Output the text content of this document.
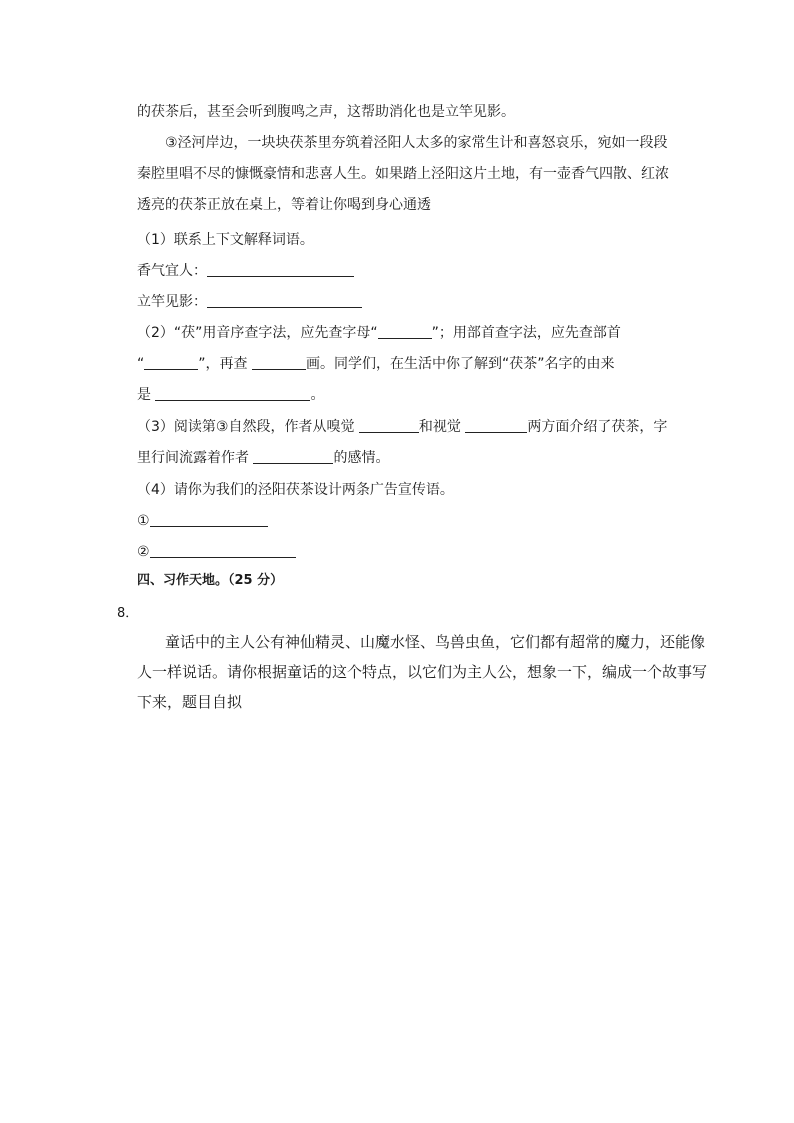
的茯茶后，甚至会听到腹鸣之声，这帮助消化也是立竿见影。
③泾河岸边，一块块茯茶里夯筑着泾阳人太多的家常生计和喜怒哀乐，宛如一段段
秦腔里唱不尽的慷慨豪情和悲喜人生。如果踏上泾阳这片土地，有一壶香气四散、红浓
透亮的茯茶正放在桌上，等着让你喝到身心通透
（1）联系上下文解释词语。
香气宜人：
立竿见影：
（2）“茯”用音序查字法，应先查字母“	”；用部首查字法，应先查部首
“	”，再查	画。同学们，在生活中你了解到“茯茶”名字的由来
是	。
（3）阅读第③自然段，作者从嗅觉	和视觉	两方面介绍了茯茶，字
里行间流露着作者	的感情。
（4）请你为我们的泾阳茯茶设计两条广告宣传语。
①
②
四、习作天地。（25 分）
8．
童话中的主人公有神仙精灵、山魔水怪、鸟兽虫鱼，它们都有超常的魔力，还能像
人一样说话。请你根据童话的这个特点，以它们为主人公，想象一下，编成一个故事写
下来，题目自拟
